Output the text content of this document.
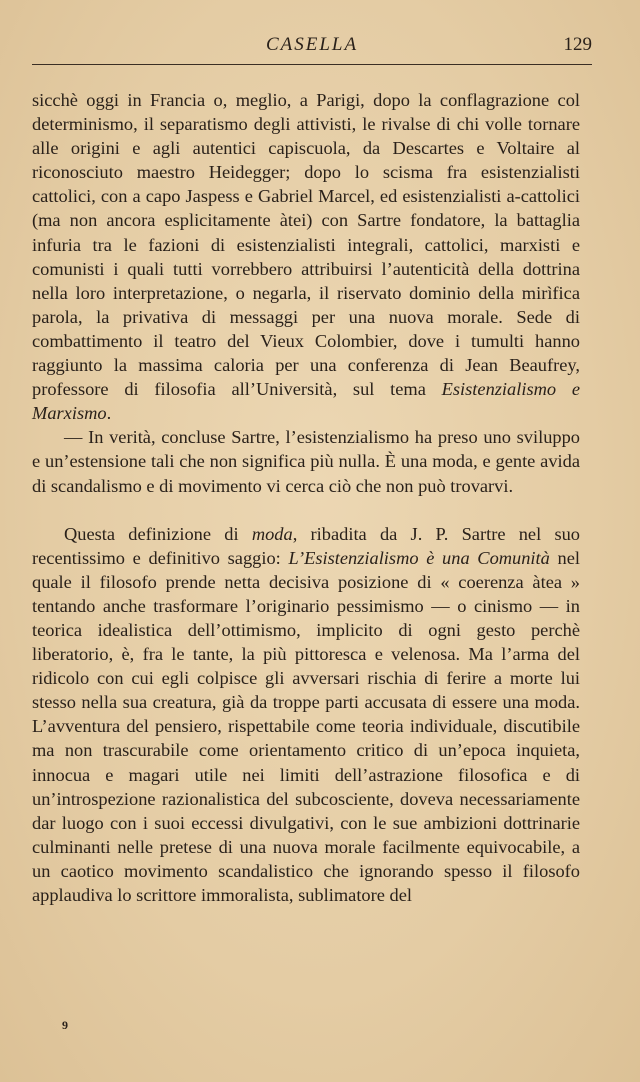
CASELLA	129

sicchè oggi in Francia o, meglio, a Parigi, dopo la conflagrazione col determinismo, il separatismo degli attivisti, le rivalse di chi volle tornare alle origini e agli autentici capiscuola, da Descartes e Voltaire al riconosciuto maestro Heidegger; dopo lo scisma fra esistenzialisti cattolici, con a capo Jaspess e Gabriel Marcel, ed esistenzialisti a-cattolici (ma non ancora esplicitamente àtei) con Sartre fondatore, la battaglia infuria tra le fazioni di esistenzialisti integrali, cattolici, marxisti e comunisti i quali tutti vorrebbero attribuirsi l’autenticità della dottrina nella loro interpretazione, o negarla, il riservato dominio della mirìfica parola, la privativa di messaggi per una nuova morale. Sede di combattimento il teatro del Vieux Colombier, dove i tumulti hanno raggiunto la massima caloria per una conferenza di Jean Beaufrey, professore di filosofia all’Università, sul tema Esistenzialismo e Marxismo.

— In verità, concluse Sartre, l’esistenzialismo ha preso uno sviluppo e un’estensione tali che non significa più nulla. È una moda, e gente avida di scandalismo e di movimento vi cerca ciò che non può trovarvi.

Questa definizione di moda, ribadita da J. P. Sartre nel suo recentissimo e definitivo saggio: L’Esistenzialismo è una Comunità nel quale il filosofo prende netta decisiva posizione di « coerenza àtea » tentando anche trasformare l’originario pessimismo — o cinismo — in teorica idealistica dell’ottimismo, implicito di ogni gesto perchè liberatorio, è, fra le tante, la più pittoresca e velenosa. Ma l’arma del ridicolo con cui egli colpisce gli avversari rischia di ferire a morte lui stesso nella sua creatura, già da troppe parti accusata di essere una moda. L’avventura del pensiero, rispettabile come teoria individuale, discutibile ma non trascurabile come orientamento critico di un’epoca inquieta, innocua e magari utile nei limiti dell’astrazione filosofica e di un’introspezione razionalistica del subcosciente, doveva necessariamente dar luogo con i suoi eccessi divulgativi, con le sue ambizioni dottrinarie culminanti nelle pretese di una nuova morale facilmente equivocabile, a un caotico movimento scandalistico che ignorando spesso il filosofo applaudiva lo scrittore immoralista, sublimatore del

9
